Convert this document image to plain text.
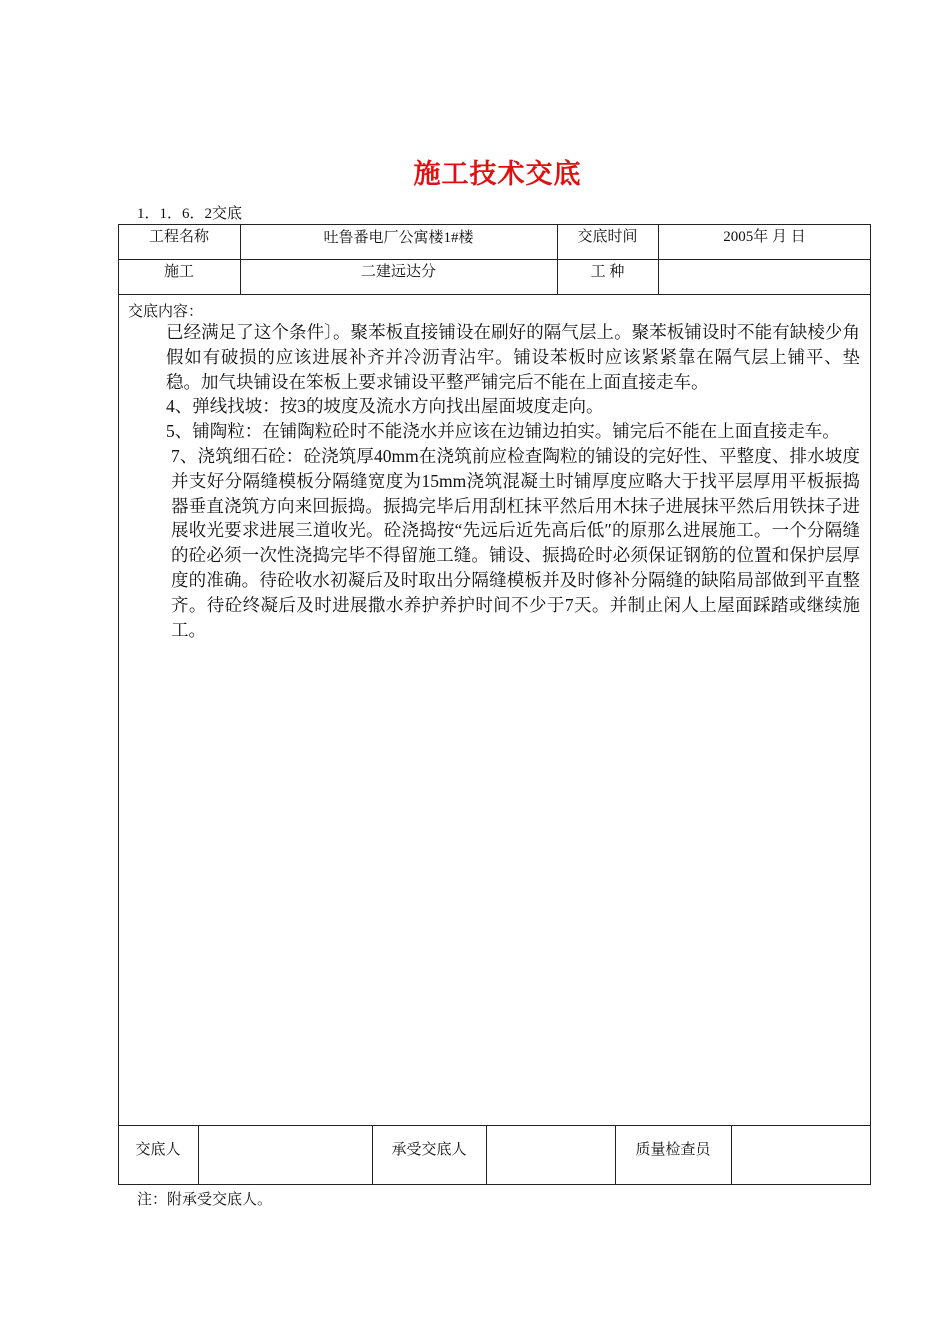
施工技术交底
1．1．6．2交底
工程名称	吐鲁番电厂公寓楼1#楼	交底时间	2005年 月 日
施工	二建远达分	工 种
交底内容：

已经满足了这个条件〕。聚苯板直接铺设在刷好的隔气层上。聚苯板铺设时不能有缺棱少角假如有破损的应该进展补齐并冷沥青沾牢。铺设苯板时应该紧紧靠在隔气层上铺平、垫稳。加气块铺设在笨板上要求铺设平整严铺完后不能在上面直接走车。

4、弹线找坡：按3的坡度及流水方向找出屋面坡度走向。

5、铺陶粒：在铺陶粒砼时不能浇水并应该在边铺边拍实。铺完后不能在上面直接走车。

7、浇筑细石砼：砼浇筑厚40mm在浇筑前应检查陶粒的铺设的完好性、平整度、排水坡度并支好分隔缝模板分隔缝宽度为15mm浇筑混凝土时铺厚度应略大于找平层厚用平板振捣器垂直浇筑方向来回振捣。振捣完毕后用刮杠抹平然后用木抹子进展抹平然后用铁抹子进展收光要求进展三道收光。砼浇捣按“先远后近先高后低″的原那么进展施工。一个分隔缝的砼必须一次性浇捣完毕不得留施工缝。铺设、振捣砼时必须保证钢筋的位置和保护层厚度的准确。待砼收水初凝后及时取出分隔缝模板并及时修补分隔缝的缺陷局部做到平直整齐。待砼终凝后及时进展撒水养护养护时间不少于7天。并制止闲人上屋面踩踏或继续施工。

交底人	承受交底人	质量检查员
注：附承受交底人。
